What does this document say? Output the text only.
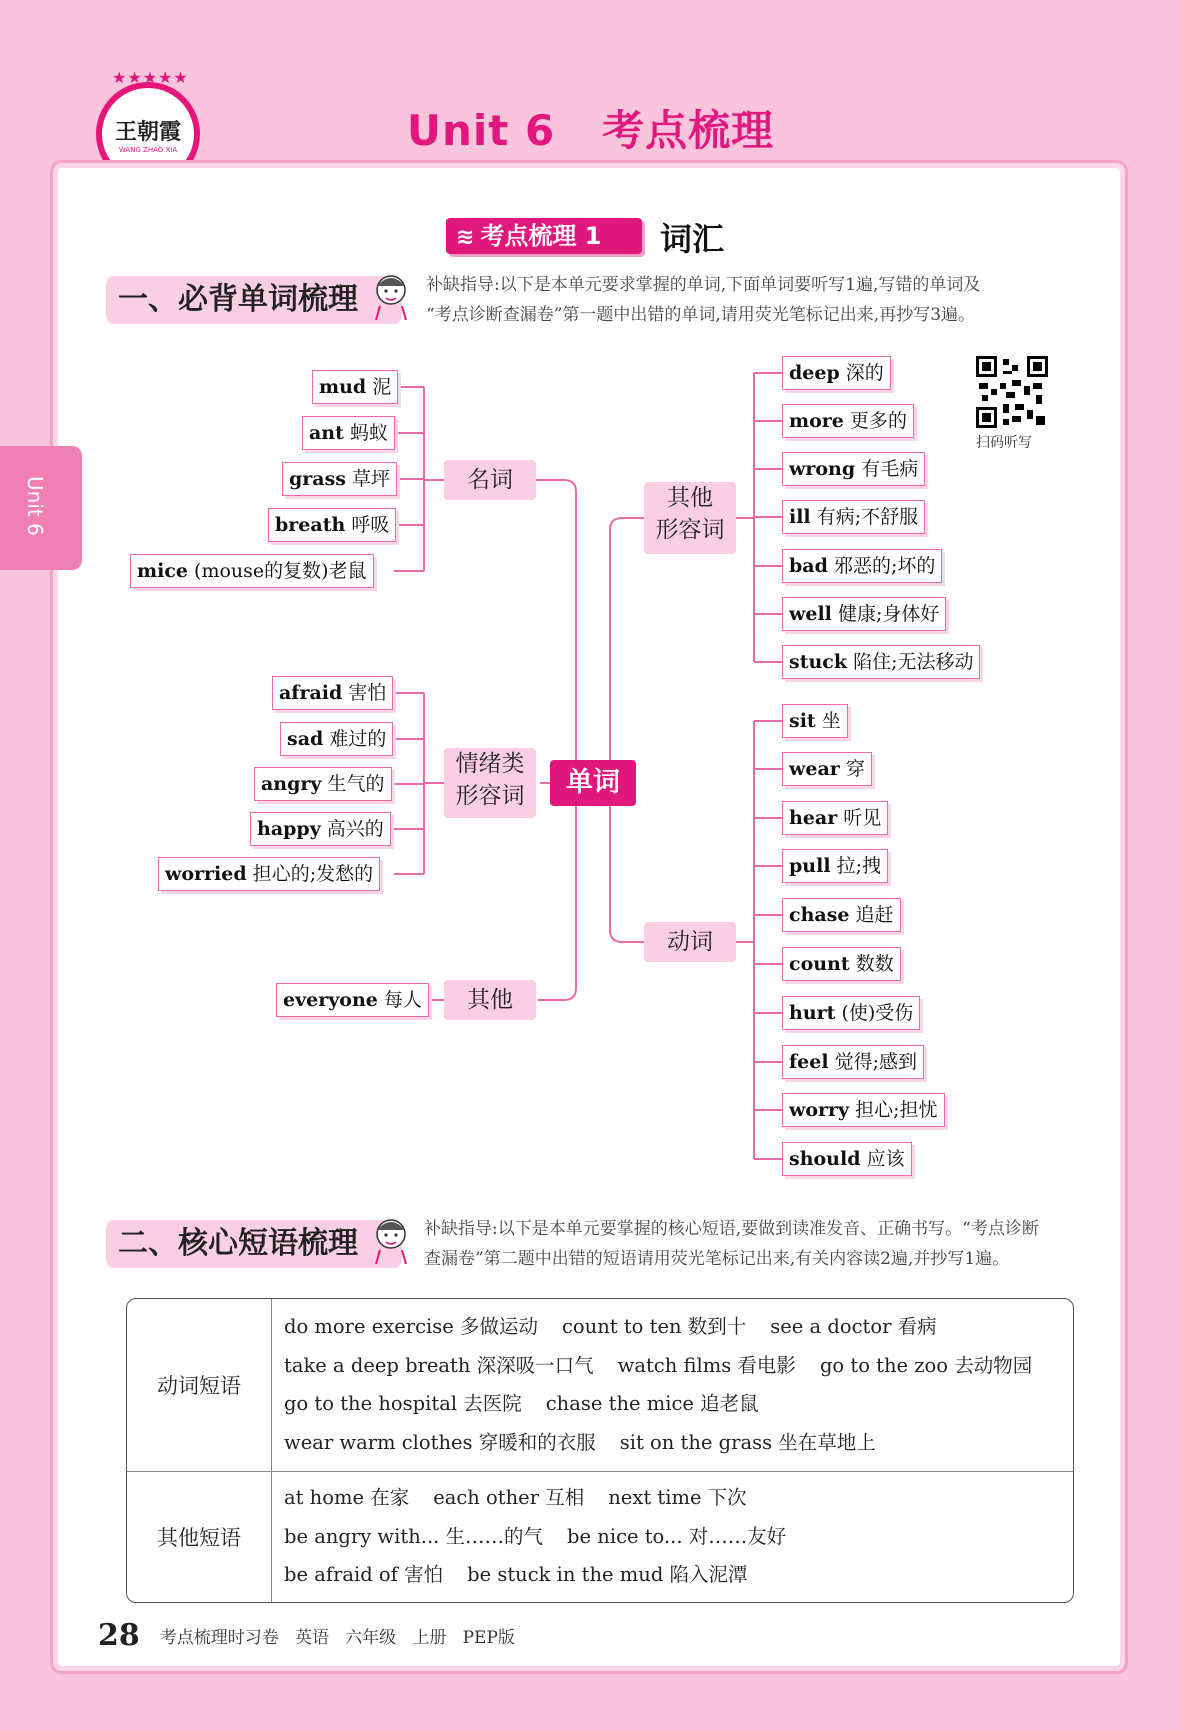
★★★★★
王朝霞
WANG ZHAO XIA	Unit 6   考点梳理
Unit 6
≋ 考点梳理 1	词汇
一、必背单词梳理	补缺指导:以下是本单元要求掌握的单词,下面单词要听写1遍,写错的单词及
“考点诊断查漏卷”第一题中出错的单词,请用荧光笔标记出来,再抄写3遍。
扫码听写
mud 泥
ant 蚂蚁
grass 草坪
breath 呼吸
mice (mouse的复数)老鼠
名词
afraid 害怕
sad 难过的
angry 生气的
happy 高兴的
worried 担心的;发愁的
情绪类
形容词
everyone 每人	其他
单词
其他
形容词
deep 深的
more 更多的
wrong 有毛病
ill 有病;不舒服
bad 邪恶的;坏的
well 健康;身体好
stuck 陷住;无法移动
动词
sit 坐
wear 穿
hear 听见
pull 拉;拽
chase 追赶
count 数数
hurt (使)受伤
feel 觉得;感到
worry 担心;担忧
should 应该
二、核心短语梳理	补缺指导:以下是本单元要掌握的核心短语,要做到读准发音、正确书写。“考点诊断
查漏卷”第二题中出错的短语请用荧光笔标记出来,有关内容读2遍,并抄写1遍。
动词短语	do more exercise 多做运动 count to ten 数到十 see a doctor 看病
take a deep breath 深深吸一口气 watch films 看电影 go to the zoo 去动物园
go to the hospital 去医院 chase the mice 追老鼠
wear warm clothes 穿暖和的衣服 sit on the grass 坐在草地上

其他短语	at home 在家 each other 互相 next time 下次
be angry with... 生……的气 be nice to... 对……友好
be afraid of 害怕 be stuck in the mud 陷入泥潭
28 考点梳理时习卷   英语   六年级   上册   PEP版
